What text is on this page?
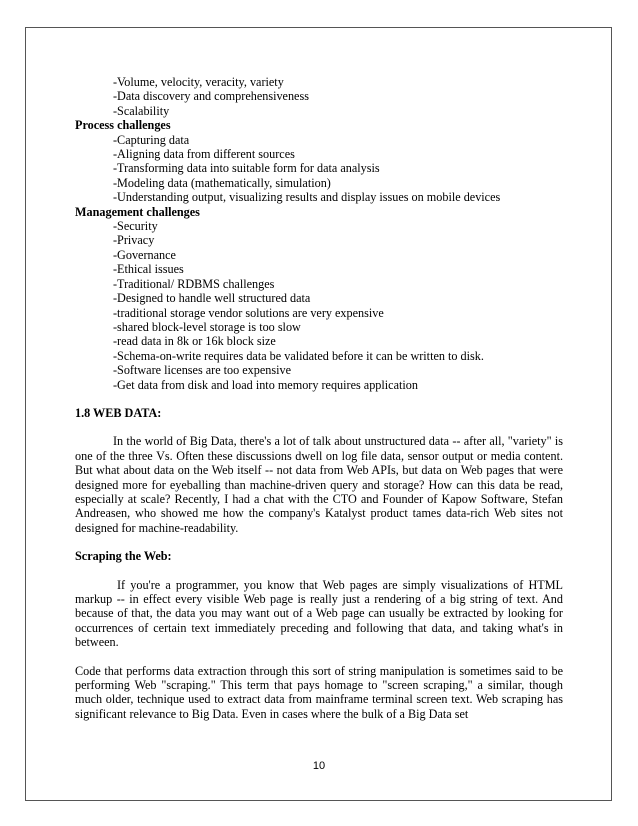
-Volume, velocity, veracity, variety
-Data discovery and comprehensiveness
-Scalability
Process challenges
-Capturing data
-Aligning data from different sources
-Transforming data into suitable form for data analysis
-Modeling data (mathematically, simulation)
-Understanding output, visualizing results and display issues on mobile devices
Management challenges
-Security
-Privacy
-Governance
-Ethical issues
-Traditional/ RDBMS challenges
-Designed to handle well structured data
-traditional storage vendor solutions are very expensive
-shared block-level storage is too slow
-read data in 8k or 16k block size
-Schema-on-write requires data be validated before it can be written to disk.
-Software licenses are too expensive
-Get data from disk and load into memory requires application
1.8 WEB DATA:
In the world of Big Data, there's a lot of talk about unstructured data -- after all, "variety" is one of the three Vs. Often these discussions dwell on log file data, sensor output or media content. But what about data on the Web itself -- not data from Web APIs, but data on Web pages that were designed more for eyeballing than machine-driven query and storage? How can this data be read, especially at scale? Recently, I had a chat with the CTO and Founder of Kapow Software, Stefan Andreasen, who showed me how the company's Katalyst product tames data-rich Web sites not designed for machine-readability.
Scraping the Web:
If you're a programmer, you know that Web pages are simply visualizations of HTML markup -- in effect every visible Web page is really just a rendering of a big string of text. And because of that, the data you may want out of a Web page can usually be extracted by looking for occurrences of certain text immediately preceding and following that data, and taking what's in between.
Code that performs data extraction through this sort of string manipulation is sometimes said to be performing Web "scraping." This term that pays homage to "screen scraping," a similar, though much older, technique used to extract data from mainframe terminal screen text. Web scraping has significant relevance to Big Data. Even in cases where the bulk of a Big Data set
10
